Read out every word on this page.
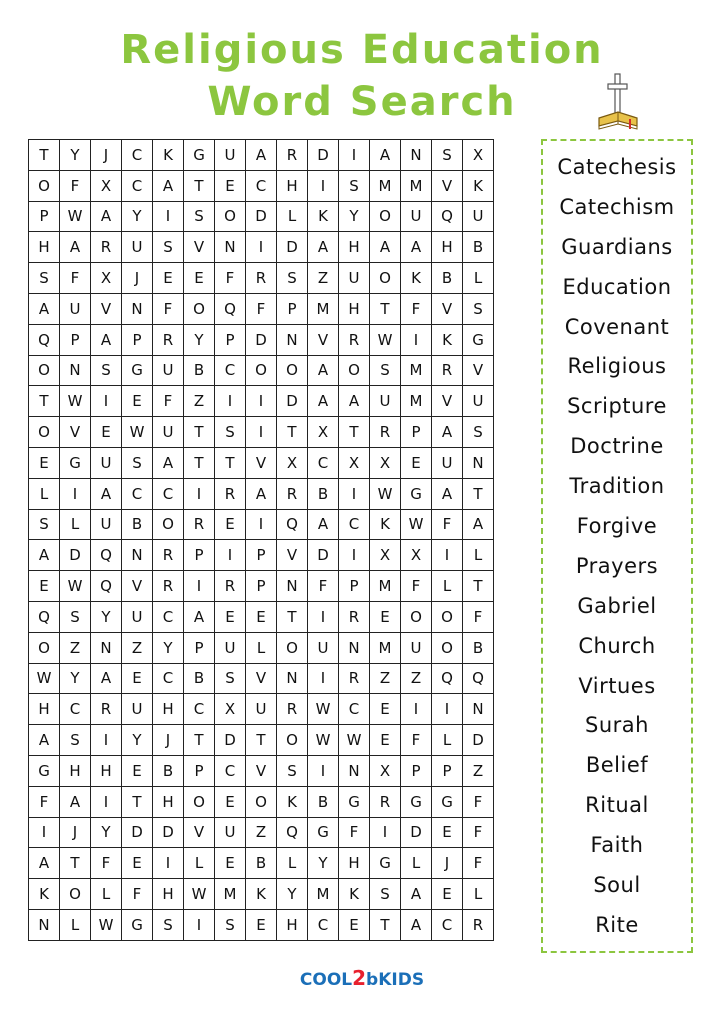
Religious Education
Word Search
T	Y	J	C	K	G	U	A	R	D	I	A	N	S	X
O	F	X	C	A	T	E	C	H	I	S	M	M	V	K
P	W	A	Y	I	S	O	D	L	K	Y	O	U	Q	U
H	A	R	U	S	V	N	I	D	A	H	A	A	H	B
S	F	X	J	E	E	F	R	S	Z	U	O	K	B	L
A	U	V	N	F	O	Q	F	P	M	H	T	F	V	S
Q	P	A	P	R	Y	P	D	N	V	R	W	I	K	G
O	N	S	G	U	B	C	O	O	A	O	S	M	R	V
T	W	I	E	F	Z	I	I	D	A	A	U	M	V	U
O	V	E	W	U	T	S	I	T	X	T	R	P	A	S
E	G	U	S	A	T	T	V	X	C	X	X	E	U	N
L	I	A	C	C	I	R	A	R	B	I	W	G	A	T
S	L	U	B	O	R	E	I	Q	A	C	K	W	F	A
A	D	Q	N	R	P	I	P	V	D	I	X	X	I	L
E	W	Q	V	R	I	R	P	N	F	P	M	F	L	T
Q	S	Y	U	C	A	E	E	T	I	R	E	O	O	F
O	Z	N	Z	Y	P	U	L	O	U	N	M	U	O	B
W	Y	A	E	C	B	S	V	N	I	R	Z	Z	Q	Q
H	C	R	U	H	C	X	U	R	W	C	E	I	I	N
A	S	I	Y	J	T	D	T	O	W	W	E	F	L	D
G	H	H	E	B	P	C	V	S	I	N	X	P	P	Z
F	A	I	T	H	O	E	O	K	B	G	R	G	G	F
I	J	Y	D	D	V	U	Z	Q	G	F	I	D	E	F
A	T	F	E	I	L	E	B	L	Y	H	G	L	J	F
K	O	L	F	H	W	M	K	Y	M	K	S	A	E	L
N	L	W	G	S	I	S	E	H	C	E	T	A	C	R
Catechesis
Catechism
Guardians
Education
Covenant
Religious
Scripture
Doctrine
Tradition
Forgive
Prayers
Gabriel
Church
Virtues
Surah
Belief
Ritual
Faith
Soul
Rite
COOL2bKIDS
